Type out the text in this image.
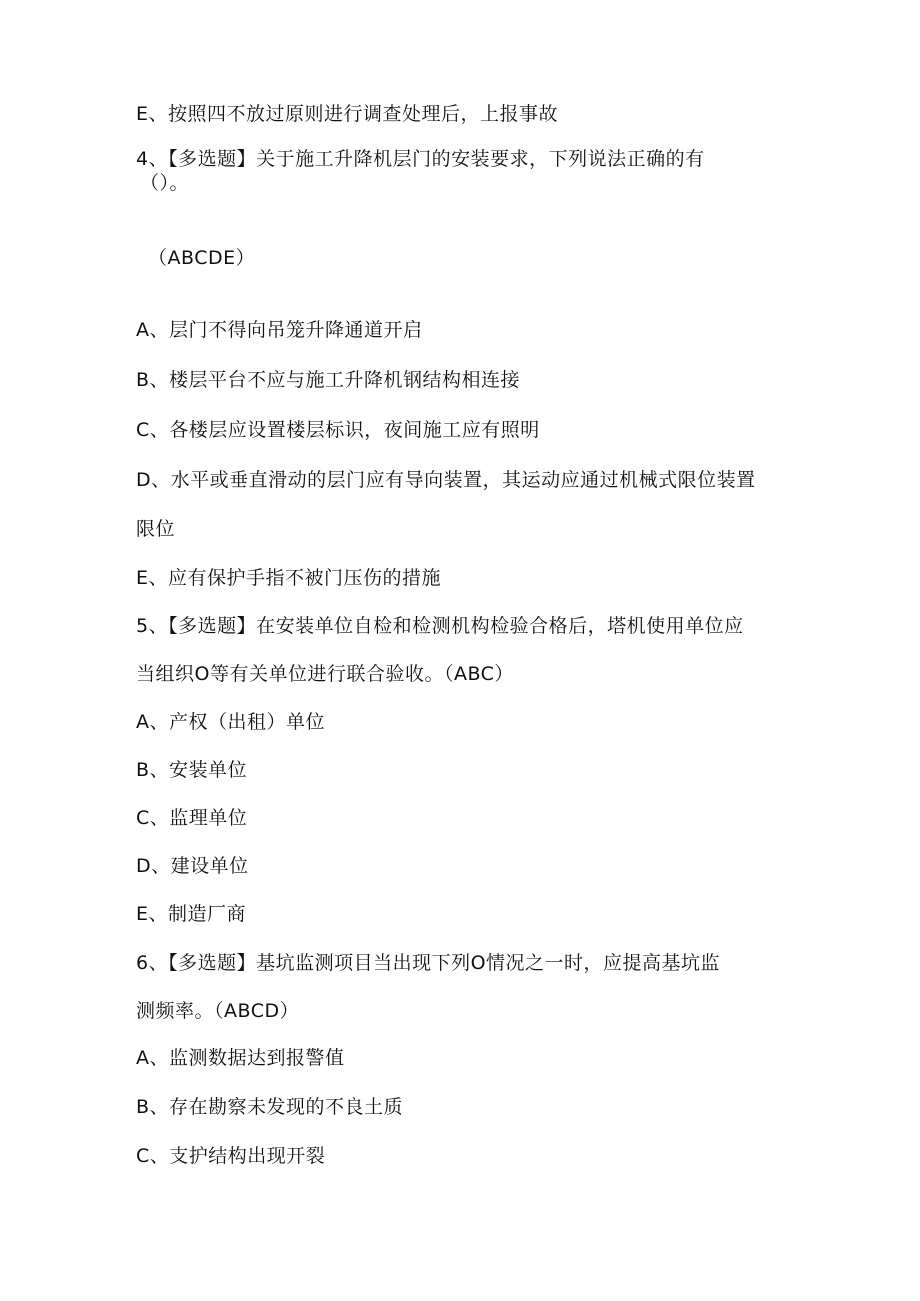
E、按照四不放过原则进行调查处理后，上报事故
4、【多选题】关于施工升降机层门的安装要求，下列说法正确的有
（）。
（ABCDE）
A、层门不得向吊笼升降通道开启
B、楼层平台不应与施工升降机钢结构相连接
C、各楼层应设置楼层标识，夜间施工应有照明
D、水平或垂直滑动的层门应有导向装置，其运动应通过机械式限位装置
限位
E、应有保护手指不被门压伤的措施
5、【多选题】在安装单位自检和检测机构检验合格后，塔机使用单位应
当组织O等有关单位进行联合验收。（ABC）
A、产权（出租）单位
B、安装单位
C、监理单位
D、建设单位
E、制造厂商
6、【多选题】基坑监测项目当出现下列O情况之一时，应提高基坑监
测频率。（ABCD）
A、监测数据达到报警值
B、存在勘察未发现的不良土质
C、支护结构出现开裂
